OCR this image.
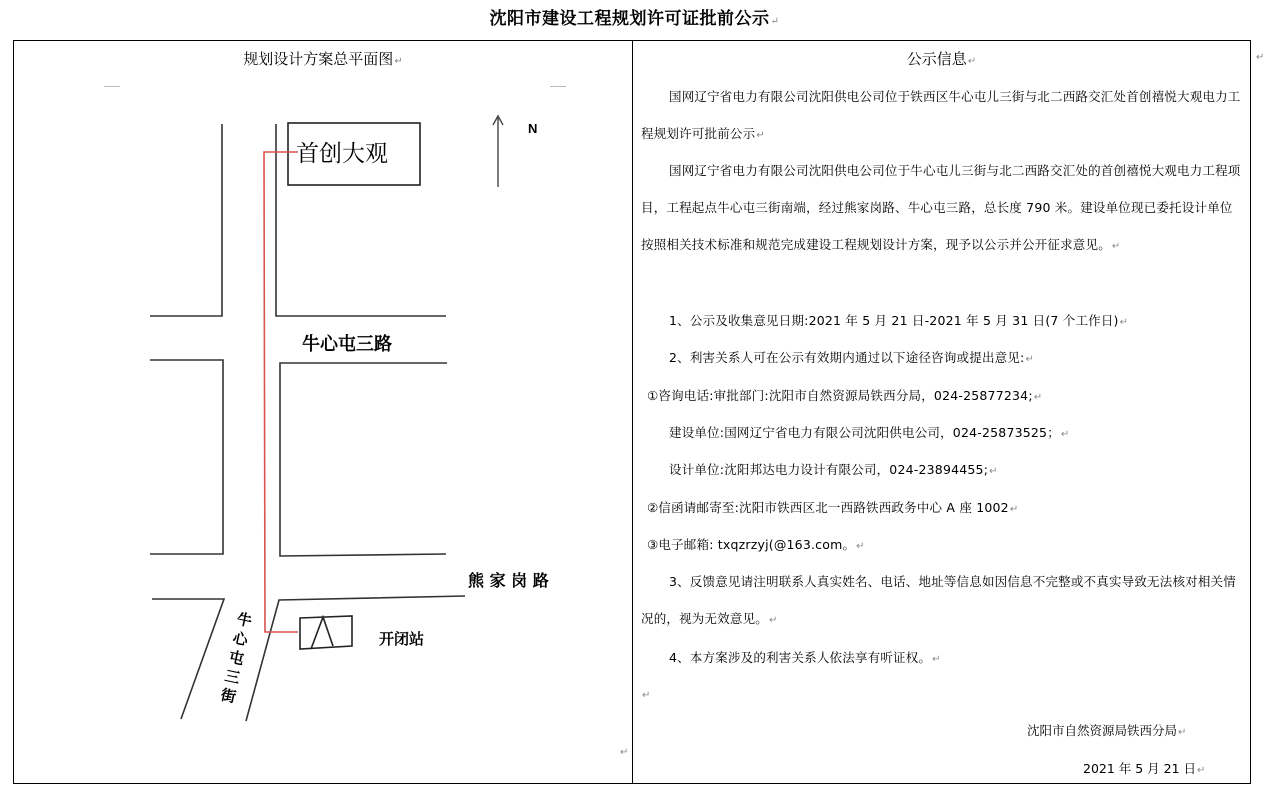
沈阳市建设工程规划许可证批前公示↵
规划设计方案总平面图↵
N
首创大观
牛心屯三路
熊 家 岗 路
开闭站
牛
心
屯
三
街
↵
公示信息↵
国网辽宁省电力有限公司沈阳供电公司位于铁西区牛心屯儿三街与北二西路交汇处首创禧悦大观电力工程规划许可批前公示↵
国网辽宁省电力有限公司沈阳供电公司位于牛心屯儿三街与北二西路交汇处的首创禧悦大观电力工程项目，工程起点牛心屯三街南端，经过熊家岗路、牛心屯三路，总长度 790 米。建设单位现已委托设计单位按照相关技术标准和规范完成建设工程规划设计方案，现予以公示并公开征求意见。↵
1、公示及收集意见日期:2021 年 5 月 21 日-2021 年 5 月 31 日(7 个工作日)↵
2、利害关系人可在公示有效期内通过以下途径咨询或提出意见:↵
①咨询电话:审批部门:沈阳市自然资源局铁西分局，024-25877234;↵
建设单位:国网辽宁省电力有限公司沈阳供电公司，024-25873525；↵
设计单位:沈阳邦达电力设计有限公司，024-23894455;↵
②信函请邮寄至:沈阳市铁西区北一西路铁西政务中心 A 座 1002↵
③电子邮箱: txqzrzyj(@163.com。↵
3、反馈意见请注明联系人真实姓名、电话、地址等信息如因信息不完整或不真实导致无法核对相关情况的，视为无效意见。↵
4、本方案涉及的利害关系人依法享有听证权。↵
↵
沈阳市自然资源局铁西分局↵
2021 年 5 月 21 日↵
↵
